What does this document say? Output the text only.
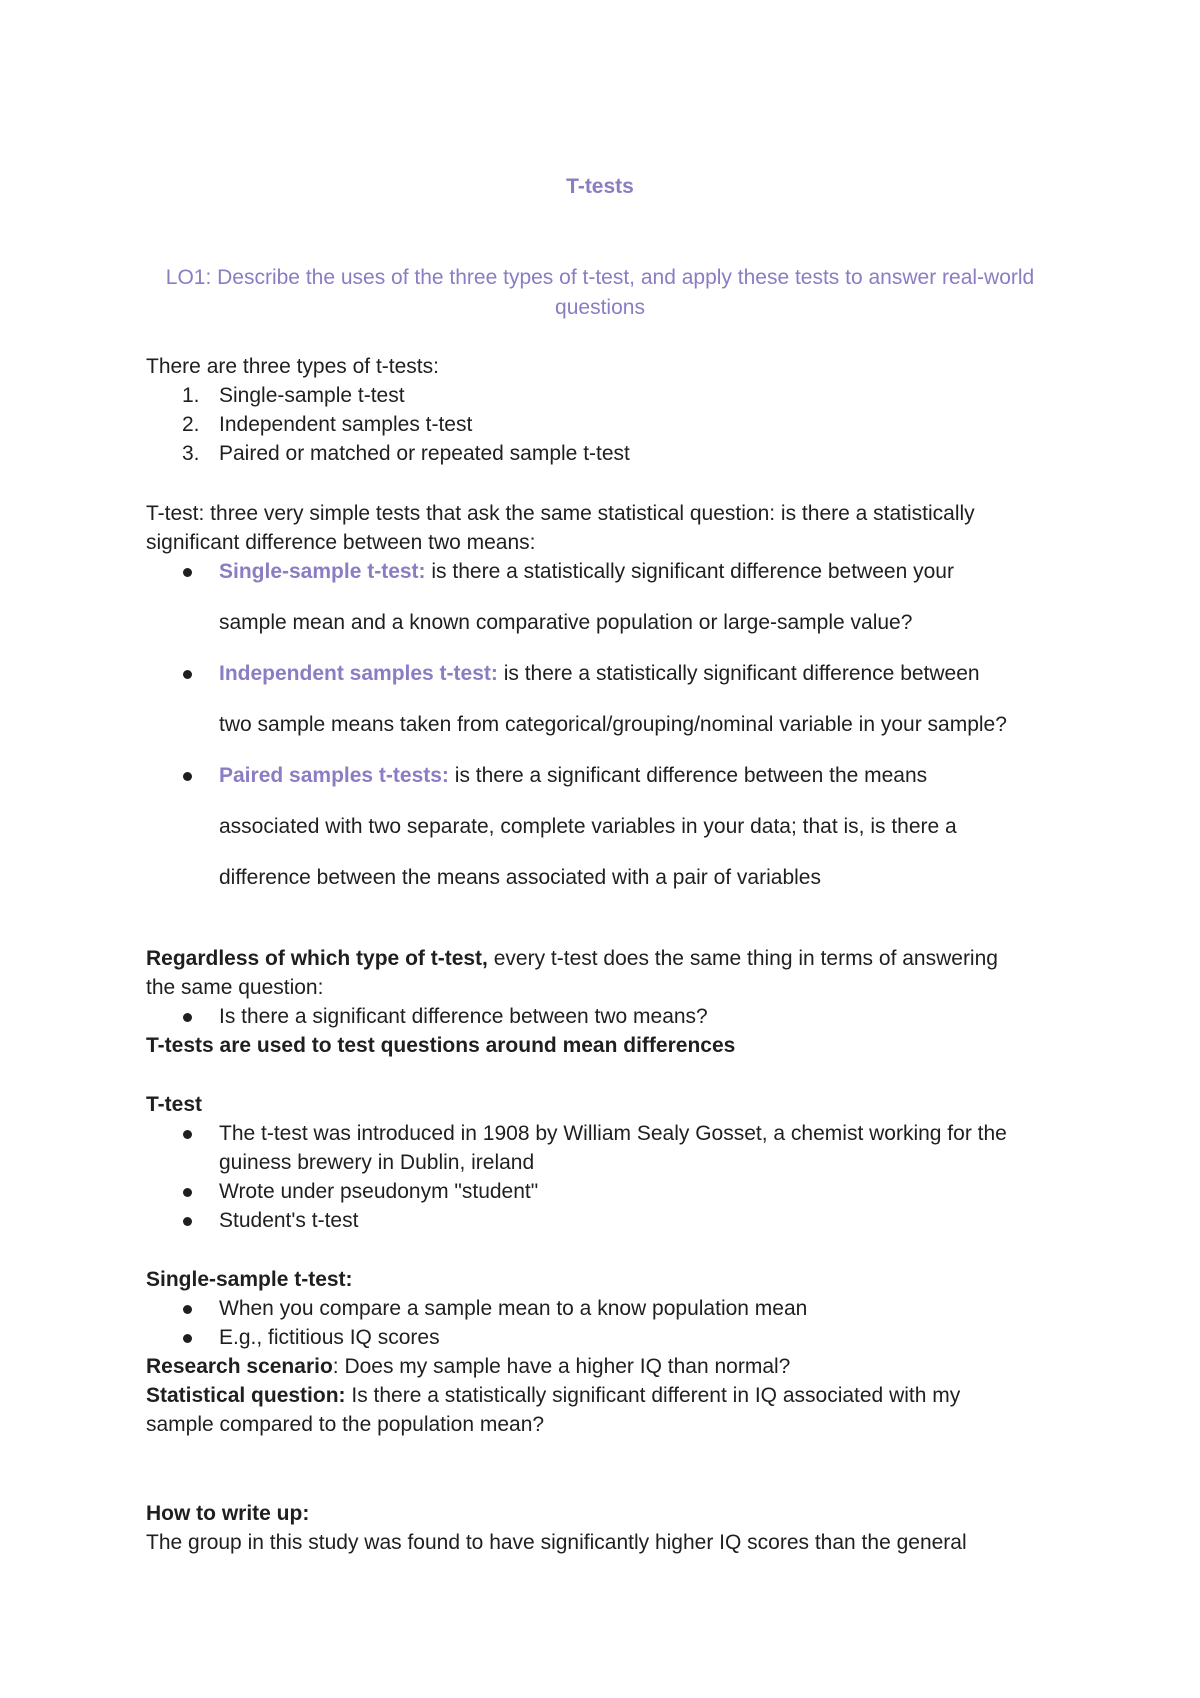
T-tests
LO1: Describe the uses of the three types of t-test, and apply these tests to answer real-world questions
There are three types of t-tests:
1. Single-sample t-test
2. Independent samples t-test
3. Paired or matched or repeated sample t-test
T-test: three very simple tests that ask the same statistical question: is there a statistically
significant difference between two means:
Single-sample t-test: is there a statistically significant difference between your
sample mean and a known comparative population or large-sample value?
Independent samples t-test: is there a statistically significant difference between
two sample means taken from categorical/grouping/nominal variable in your sample?
Paired samples t-tests: is there a significant difference between the means
associated with two separate, complete variables in your data; that is, is there a
difference between the means associated with a pair of variables
Regardless of which type of t-test, every t-test does the same thing in terms of answering
the same question:
Is there a significant difference between two means?
T-tests are used to test questions around mean differences
T-test
The t-test was introduced in 1908 by William Sealy Gosset, a chemist working for the
guiness brewery in Dublin, ireland
Wrote under pseudonym "student"
Student's t-test
Single-sample t-test:
When you compare a sample mean to a know population mean
E.g., fictitious IQ scores
Research scenario: Does my sample have a higher IQ than normal?
Statistical question: Is there a statistically significant different in IQ associated with my
sample compared to the population mean?
How to write up:
The group in this study was found to have significantly higher IQ scores than the general
